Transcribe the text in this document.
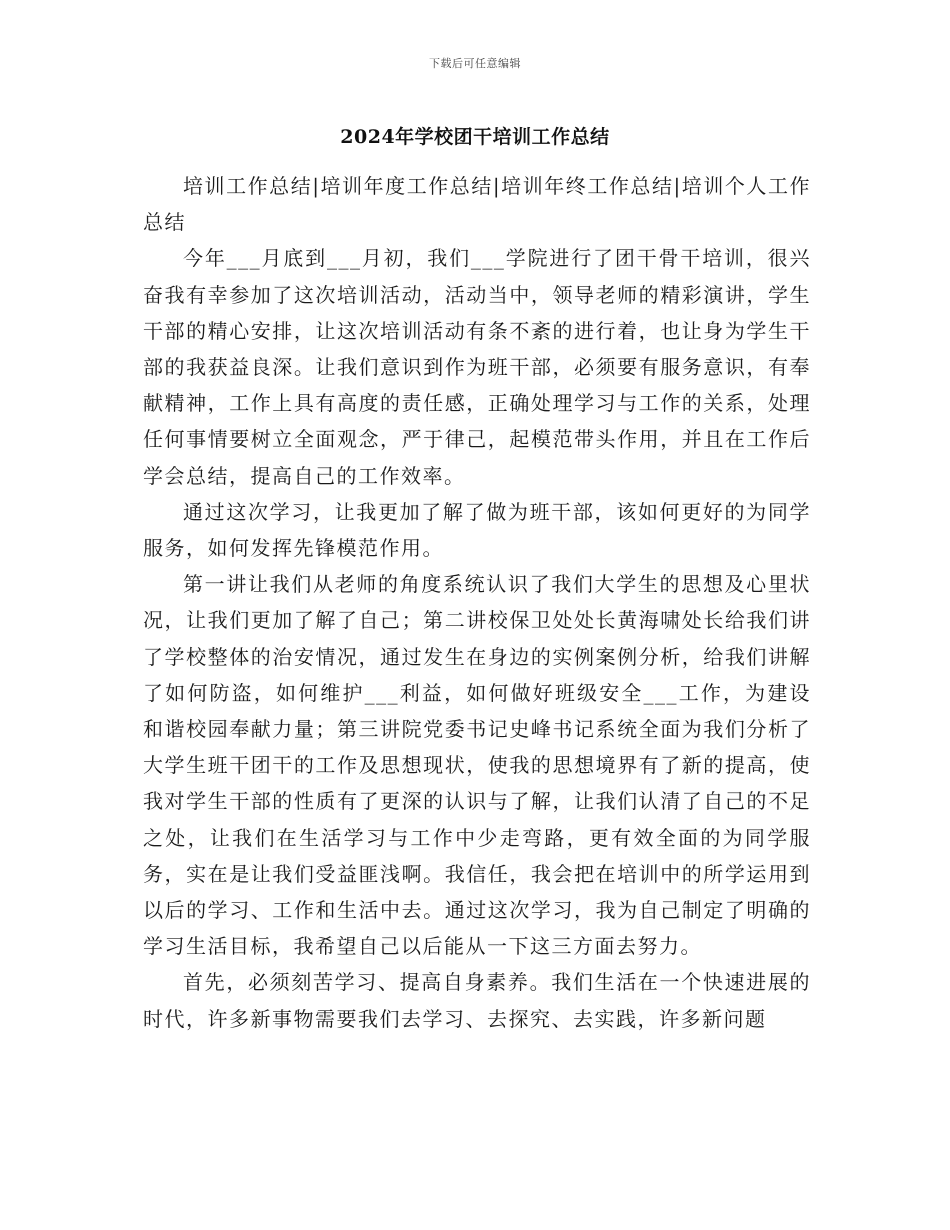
下载后可任意编辑
2024年学校团干培训工作总结

培训工作总结|培训年度工作总结|培训年终工作总结|培训个人工作总结

今年___月底到___月初，我们___学院进行了团干骨干培训，很兴奋我有幸参加了这次培训活动，活动当中，领导老师的精彩演讲，学生干部的精心安排，让这次培训活动有条不紊的进行着，也让身为学生干部的我获益良深。让我们意识到作为班干部，必须要有服务意识，有奉献精神，工作上具有高度的责任感，正确处理学习与工作的关系，处理任何事情要树立全面观念，严于律己，起模范带头作用，并且在工作后学会总结，提高自己的工作效率。

通过这次学习，让我更加了解了做为班干部，该如何更好的为同学服务，如何发挥先锋模范作用。

第一讲让我们从老师的角度系统认识了我们大学生的思想及心里状况，让我们更加了解了自己；第二讲校保卫处处长黄海啸处长给我们讲了学校整体的治安情况，通过发生在身边的实例案例分析，给我们讲解了如何防盗，如何维护___利益，如何做好班级安全___工作，为建设和谐校园奉献力量；第三讲院党委书记史峰书记系统全面为我们分析了大学生班干团干的工作及思想现状，使我的思想境界有了新的提高，使我对学生干部的性质有了更深的认识与了解，让我们认清了自己的不足之处，让我们在生活学习与工作中少走弯路，更有效全面的为同学服务，实在是让我们受益匪浅啊。我信任，我会把在培训中的所学运用到以后的学习、工作和生活中去。通过这次学习，我为自己制定了明确的学习生活目标，我希望自己以后能从一下这三方面去努力。

首先，必须刻苦学习、提高自身素养。我们生活在一个快速进展的时代，许多新事物需要我们去学习、去探究、去实践，许多新问题
